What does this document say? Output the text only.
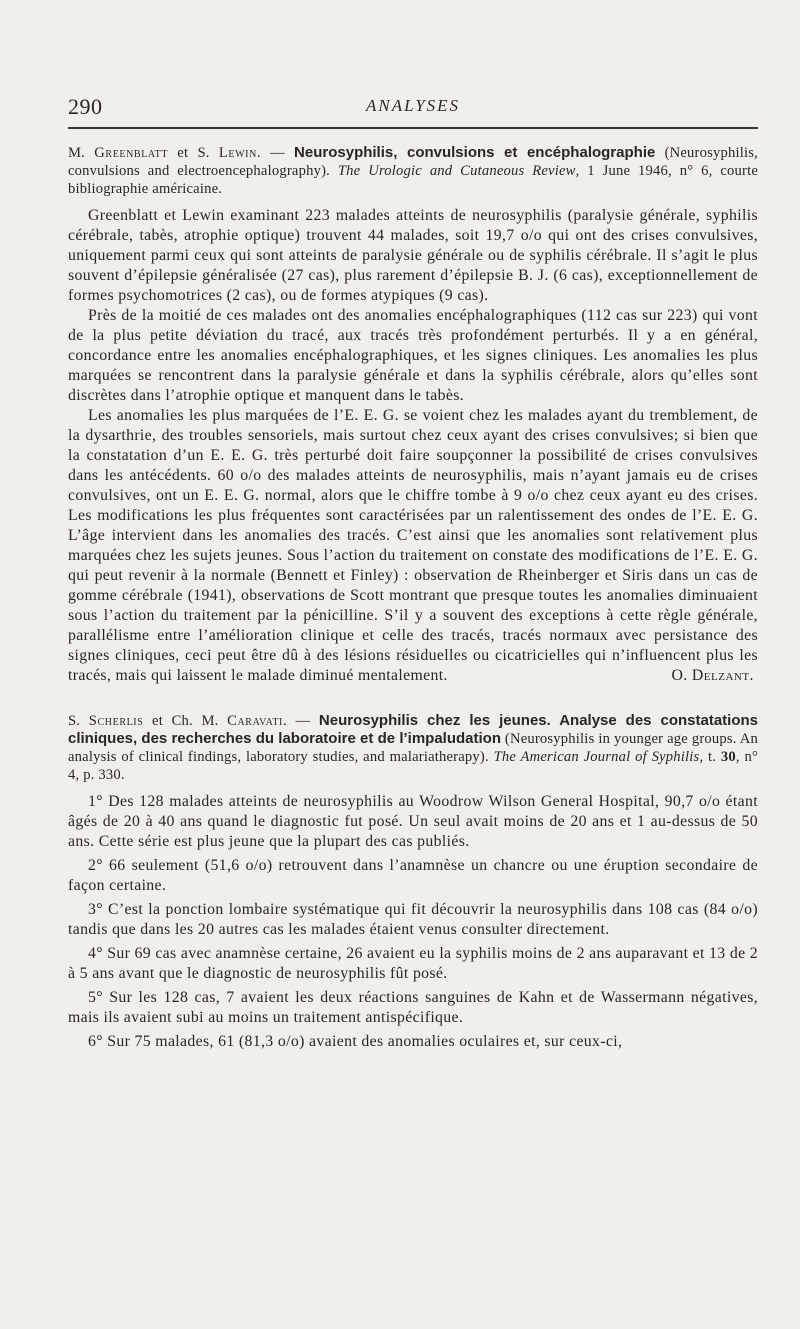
290	ANALYSES

M. Greenblatt et S. Lewin. — Neurosyphilis, convulsions et encéphalographie (Neurosyphilis, convulsions and electroencephalography). The Urologic and Cutaneous Review, 1 June 1946, n° 6, courte bibliographie américaine.

Greenblatt et Lewin examinant 223 malades atteints de neurosyphilis (paralysie générale, syphilis cérébrale, tabès, atrophie optique) trouvent 44 malades, soit 19,7 o/o qui ont des crises convulsives, uniquement parmi ceux qui sont atteints de paralysie générale ou de syphilis cérébrale. Il s’agit le plus souvent d’épilepsie généralisée (27 cas), plus rarement d’épilepsie B. J. (6 cas), exceptionnellement de formes psychomotrices (2 cas), ou de formes atypiques (9 cas).

Près de la moitié de ces malades ont des anomalies encéphalographiques (112 cas sur 223) qui vont de la plus petite déviation du tracé, aux tracés très profondément perturbés. Il y a en général, concordance entre les anomalies encéphalographiques, et les signes cliniques. Les anomalies les plus marquées se rencontrent dans la paralysie générale et dans la syphilis cérébrale, alors qu’elles sont discrètes dans l’atrophie optique et manquent dans le tabès.

Les anomalies les plus marquées de l’E. E. G. se voient chez les malades ayant du tremblement, de la dysarthrie, des troubles sensoriels, mais surtout chez ceux ayant des crises convulsives; si bien que la constatation d’un E. E. G. très perturbé doit faire soupçonner la possibilité de crises convulsives dans les antécédents. 60 o/o des malades atteints de neurosyphilis, mais n’ayant jamais eu de crises convulsives, ont un E. E. G. normal, alors que le chiffre tombe à 9 o/o chez ceux ayant eu des crises. Les modifications les plus fréquentes sont caractérisées par un ralentissement des ondes de l’E. E. G. L’âge intervient dans les anomalies des tracés. C’est ainsi que les anomalies sont relativement plus marquées chez les sujets jeunes. Sous l’action du traitement on constate des modifications de l’E. E. G. qui peut revenir à la normale (Bennett et Finley) : observation de Rheinberger et Siris dans un cas de gomme cérébrale (1941), observations de Scott montrant que presque toutes les anomalies diminuaient sous l’action du traitement par la pénicilline. S’il y a souvent des exceptions à cette règle générale, parallélisme entre l’amélioration clinique et celle des tracés, tracés normaux avec persistance des signes cliniques, ceci peut être dû à des lésions résiduelles ou cicatricielles qui n’influencent plus les tracés, mais qui laissent le malade diminué mentalement.	O. Delzant.

S. Scherlis et Ch. M. Caravati. — Neurosyphilis chez les jeunes. Analyse des constatations cliniques, des recherches du laboratoire et de l’impaludation (Neurosyphilis in younger age groups. An analysis of clinical findings, laboratory studies, and malariatherapy). The American Journal of Syphilis, t. 30, n° 4, p. 330.

1° Des 128 malades atteints de neurosyphilis au Woodrow Wilson General Hospital, 90,7 o/o étant âgés de 20 à 40 ans quand le diagnostic fut posé. Un seul avait moins de 20 ans et 1 au-dessus de 50 ans. Cette série est plus jeune que la plupart des cas publiés.

2° 66 seulement (51,6 o/o) retrouvent dans l’anamnèse un chancre ou une éruption secondaire de façon certaine.

3° C’est la ponction lombaire systématique qui fit découvrir la neurosyphilis dans 108 cas (84 o/o) tandis que dans les 20 autres cas les malades étaient venus consulter directement.

4° Sur 69 cas avec anamnèse certaine, 26 avaient eu la syphilis moins de 2 ans auparavant et 13 de 2 à 5 ans avant que le diagnostic de neurosyphilis fût posé.

5° Sur les 128 cas, 7 avaient les deux réactions sanguines de Kahn et de Wassermann négatives, mais ils avaient subi au moins un traitement antispécifique.

6° Sur 75 malades, 61 (81,3 o/o) avaient des anomalies oculaires et, sur ceux-ci,
